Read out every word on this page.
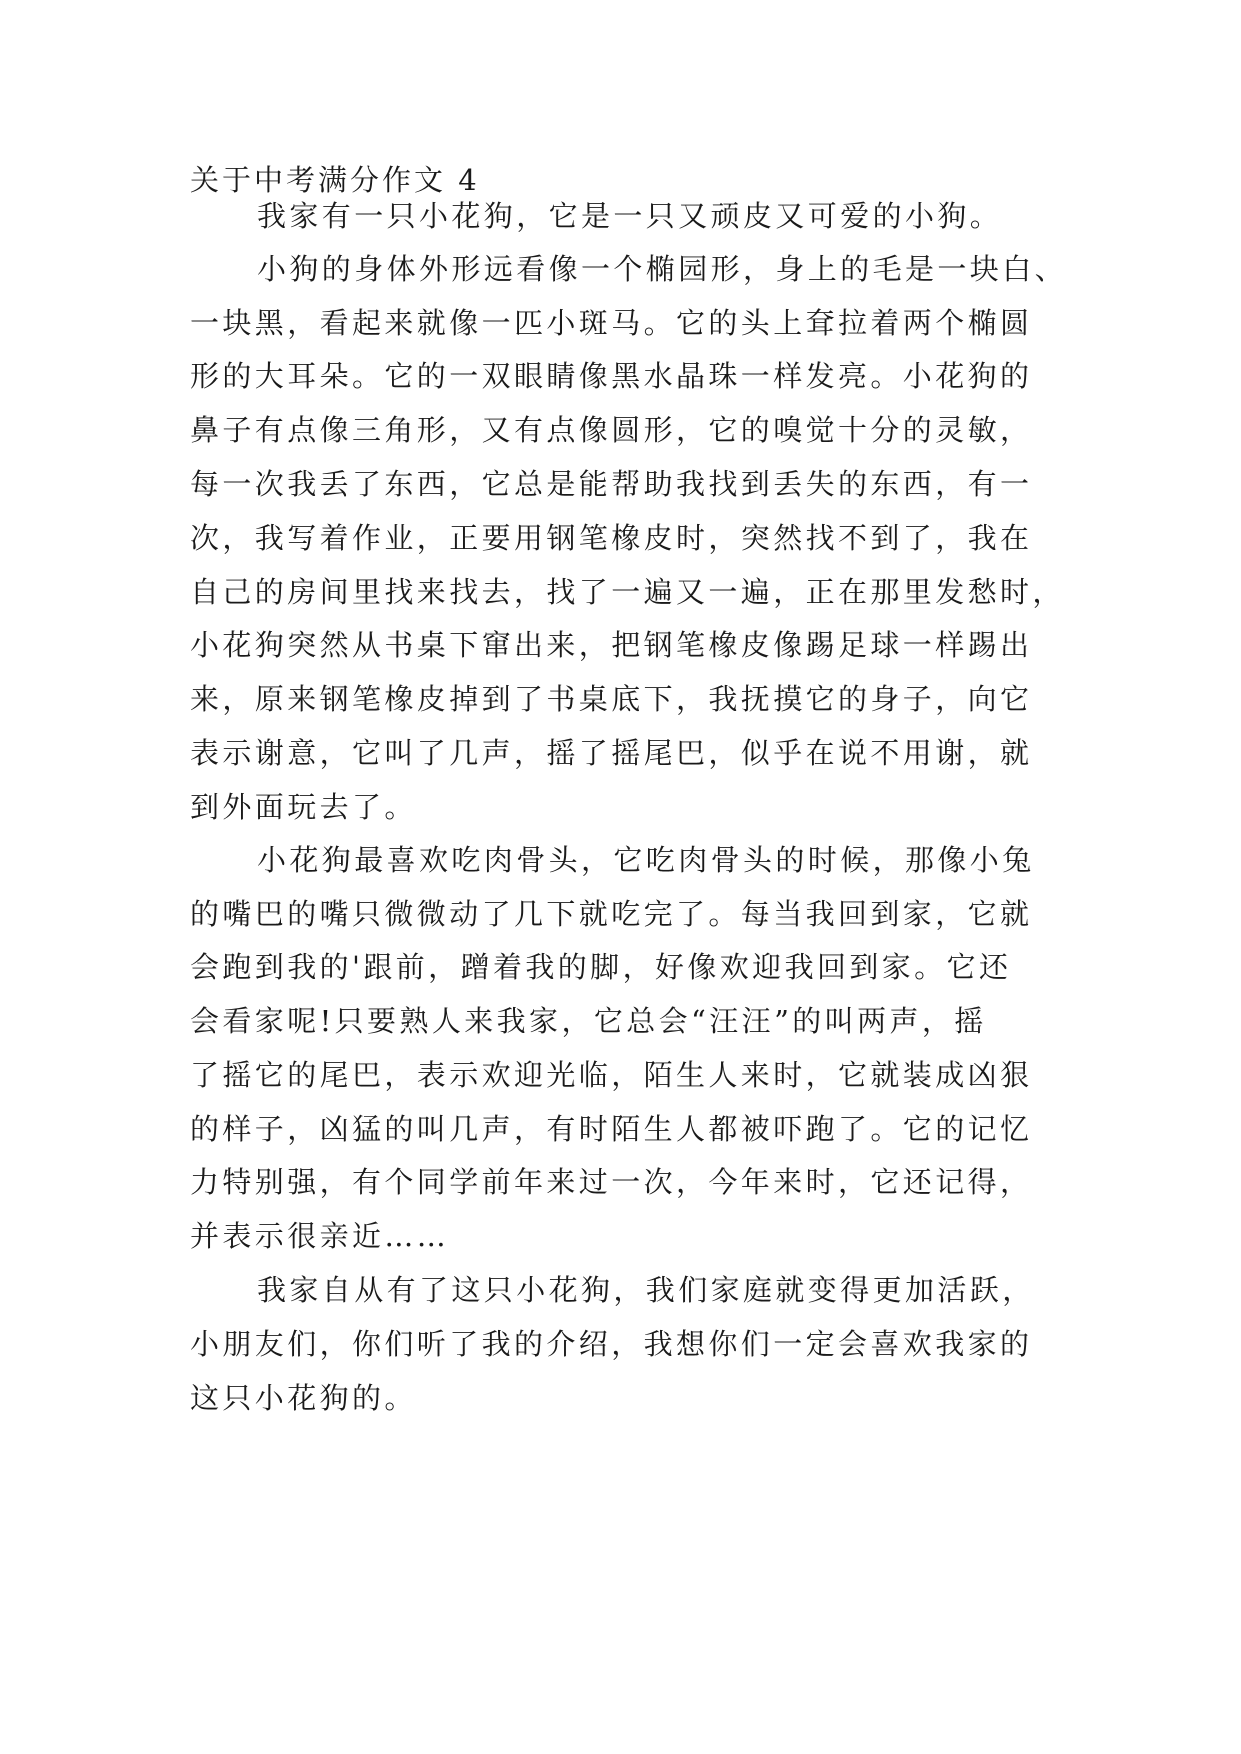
关于中考满分作文 4
我家有一只小花狗，它是一只又顽皮又可爱的小狗。
小狗的身体外形远看像一个椭园形，身上的毛是一块白、
一块黑，看起来就像一匹小斑马。它的头上耷拉着两个椭圆
形的大耳朵。它的一双眼睛像黑水晶珠一样发亮。小花狗的
鼻子有点像三角形，又有点像圆形，它的嗅觉十分的灵敏，
每一次我丢了东西，它总是能帮助我找到丢失的东西，有一
次，我写着作业，正要用钢笔橡皮时，突然找不到了，我在
自己的房间里找来找去，找了一遍又一遍，正在那里发愁时，
小花狗突然从书桌下窜出来，把钢笔橡皮像踢足球一样踢出
来，原来钢笔橡皮掉到了书桌底下，我抚摸它的身子，向它
表示谢意，它叫了几声，摇了摇尾巴，似乎在说不用谢，就
到外面玩去了。
小花狗最喜欢吃肉骨头，它吃肉骨头的时候，那像小兔
的嘴巴的嘴只微微动了几下就吃完了。每当我回到家，它就
会跑到我的'跟前，蹭着我的脚，好像欢迎我回到家。它还
会看家呢!只要熟人来我家，它总会“汪汪”的叫两声，摇
了摇它的尾巴，表示欢迎光临，陌生人来时，它就装成凶狠
的样子，凶猛的叫几声，有时陌生人都被吓跑了。它的记忆
力特别强，有个同学前年来过一次，今年来时，它还记得，
并表示很亲近……
我家自从有了这只小花狗，我们家庭就变得更加活跃，
小朋友们，你们听了我的介绍，我想你们一定会喜欢我家的
这只小花狗的。
